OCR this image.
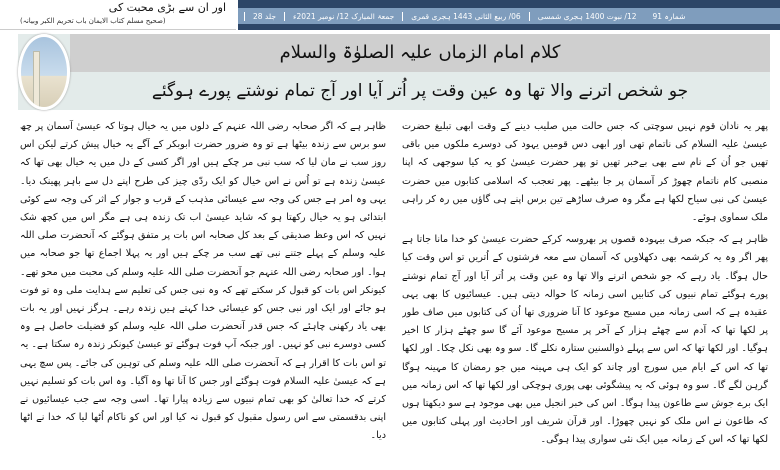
اور ان سے بڑی محبت کی
(صحیح مسلم کتاب الایمان باب تحریم الکبر وبیانہ)
جلد 28	جمعۃ المبارک 12/ نومبر 2021ء	06/ ربیع الثانی 1443 ہجری قمری	12/ نبوت 1400 ہجری شمسی	شمارہ 91
کلام امام الزماں علیہ الصلوٰۃ والسلام
جو شخص اترنے والا تھا وہ عین وقت پر اُتر آیا اور آج تمام نوشتے پورے ہوگئے

ظاہر ہے کہ اگر صحابہ رضی اللہ عنہم کے دلوں میں یہ خیال ہوتا کہ عیسیٰ آسمان پر چھ سو برس سے زندہ بیٹھا ہے تو وہ ضرور حضرت ابوبکر کے آگے یہ خیال پیش کرتے لیکن اس روز سب نے مان لیا کہ سب نبی مر چکے ہیں اور اگر کسی کے دل میں یہ خیال بھی تھا کہ عیسیٰ زندہ ہے تو اُس نے اس خیال کو ایک ردّی چیز کی طرح اپنے دل سے باہر پھینک دیا۔ یہی وہ امر ہے جس کی وجہ سے عیسائی مذہب کے قرب و جوار کے اثر کی وجہ سے کوئی ابتدائی ہو یہ خیال رکھتا ہو کہ شاید عیسیٰ اب تک زندہ ہی ہے مگر اس میں کچھ شک نہیں کہ اس وعظ صدیقی کے بعد کل صحابہ اس بات پر متفق ہوگئے کہ آنحضرت صلی اللہ علیہ وسلم کے پہلے جتنے نبی تھے سب مر چکے ہیں اور یہ پہلا اجماع تھا جو صحابہ میں ہوا۔ اور صحابہ رضی اللہ عنہم جو آنحضرت صلی اللہ علیہ وسلم کی محبت میں محو تھے۔ کیونکر اس بات کو قبول کر سکتے تھے کہ وہ نبی جس کی تعلیم سے ہدایت ملی وہ تو فوت ہو جائے اور ایک اور نبی جس کو عیسائی خدا کہتے ہیں زندہ رہے۔ ہرگز نہیں اور یہ بات بھی یاد رکھنی چاہئے کہ جس قدر آنحضرت صلی اللہ علیہ وسلم کو فضیلت حاصل ہے وہ کسی دوسرے نبی کو نہیں۔ اور جبکہ آپ فوت ہوگئے تو عیسیٰ کیونکر زندہ رہ سکتا ہے۔ یہ تو اس بات کا اقرار ہے کہ آنحضرت صلی اللہ علیہ وسلم کی توہین کی جائے۔ پس سچ یہی ہے کہ عیسیٰ علیہ السلام فوت ہوگئے اور جس کا آنا تھا وہ آگیا۔ وہ اس بات کو تسلیم نہیں کرتے کہ خدا تعالیٰ کو بھی تمام نبیوں سے زیادہ پیارا تھا۔ اسی وجہ سے جب عیسائیوں نے اپنی بدقسمتی سے اس رسول مقبول کو قبول نہ کیا اور اس کو ناکام اُٹھا لیا کہ خدا نے اٹھا دیا۔

پھر یہ نادان قوم نہیں سوچتی کہ جس حالت میں صلیب دینے کے وقت ابھی تبلیغ حضرت عیسیٰ علیہ السلام کی ناتمام تھی اور ابھی دس قومیں یہود کی دوسرے ملکوں میں باقی تھیں جو اُن کے نام سے بھی بےخبر تھیں تو پھر حضرت عیسیٰ کو یہ کیا سوجھی کہ اپنا منصبی کام ناتمام چھوڑ کر آسمان پر جا بیٹھے۔ پھر تعجب کہ اسلامی کتابوں میں حضرت عیسیٰ کی نبی سیاح لکھا ہے مگر وہ صرف ساڑھے تین برس اپنے ہی گاؤں میں رہ کر راہی ملک سماوی ہوئے۔

ظاہر ہے کہ جبکہ صرف بیہودہ قصوں پر بھروسہ کرکے حضرت عیسیٰ کو خدا مانا جاتا ہے پھر اگر وہ یہ کرشمہ بھی دکھلاویں کہ آسمان سے معہ فرشتوں کے اُتریں تو اس وقت کیا حال ہوگا۔ یاد رہے کہ جو شخص اترنے والا تھا وہ عین وقت پر اُتر آیا اور آج تمام نوشتے پورے ہوگئے تمام نبیوں کی کتابیں اسی زمانہ کا حوالہ دیتی ہیں۔ عیسائیوں کا بھی یہی عقیدہ ہے کہ اسی زمانہ میں مسیح موعود کا آنا ضروری تھا اُن کی کتابوں میں صاف طور پر لکھا تھا کہ آدم سے چھٹے ہزار کے آخر پر مسیح موعود آئے گا سو چھٹے ہزار کا اخیر ہوگیا۔ اور لکھا تھا کہ اس سے پہلے ذوالسنین ستارہ نکلے گا۔ سو وہ بھی نکل چکا۔ اور لکھا تھا کہ اس کے ایام میں سورج اور چاند کو ایک ہی مہینہ میں جو رمضان کا مہینہ ہوگا گرہن لگے گا۔ سو وہ ہوئی کہ یہ پیشگوئی بھی پوری ہوچکی اور لکھا تھا کہ اس زمانہ میں ایک برے جوش سے طاعون پیدا ہوگا۔ اس کی خبر انجیل میں بھی موجود ہے سو دیکھتا ہوں کہ طاعون نے اس ملک کو نہیں چھوڑا۔ اور قرآن شریف اور احادیث اور پہلی کتابوں میں لکھا تھا کہ اس کے زمانہ میں ایک نئی سواری پیدا ہوگی۔
